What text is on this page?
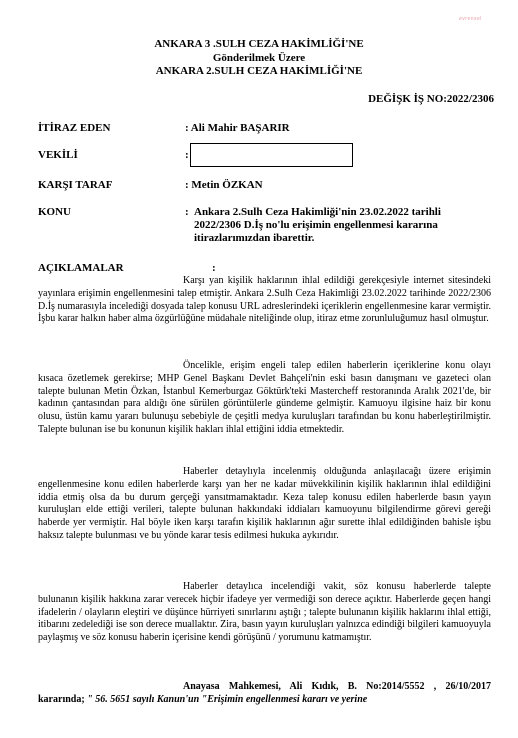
evrensel
ANKARA 3 .SULH CEZA HAKİMLİĞİ'NE
Gönderilmek Üzere
ANKARA 2.SULH CEZA HAKİMLİĞİ'NE
DEĞİŞK İŞ NO:2022/2306
İTİRAZ EDEN	: Ali Mahir BAŞARIR
VEKİLİ	:
KARŞI TARAF	: Metin ÖZKAN
KONU	: Ankara 2.Sulh Ceza Hakimliği'nin 23.02.2022 tarihli 2022/2306 D.İş no'lu erişimin engellenmesi kararına itirazlarımızdan ibarettir.
AÇIKLAMALAR	:

Karşı yan kişilik haklarının ihlal edildiği gerekçesiyle internet sitesindeki yayınlara erişimin engellenmesini talep etmiştir. Ankara 2.Sulh Ceza Hakimliği 23.02.2022 tarihinde 2022/2306 D.İş numarasıyla incelediği dosyada talep konusu URL adreslerindeki içeriklerin engellenmesine karar vermiştir. İşbu karar halkın haber alma özgürlüğüne müdahale niteliğinde olup, itiraz etme zorunluluğumuz hasıl olmuştur.

Öncelikle, erişim engeli talep edilen haberlerin içeriklerine konu olayı kısaca özetlemek gerekirse; MHP Genel Başkanı Devlet Bahçeli'nin eski basın danışmanı ve gazeteci olan talepte bulunan Metin Özkan, İstanbul Kemerburgaz Göktürk'teki Mastercheff restoranında Aralık 2021'de, bir kadının çantasından para aldığı öne sürülen görüntülerle gündeme gelmiştir. Kamuoyu ilgisine haiz bir konu olusu, üstün kamu yararı bulunuşu sebebiyle de çeşitli medya kuruluşları tarafından bu konu haberleştirilmiştir. Talepte bulunan ise bu konunun kişilik hakları ihlal ettiğini iddia etmektedir.

Haberler detaylıyla incelenmiş olduğunda anlaşılacağı üzere erişimin engellenmesine konu edilen haberlerde karşı yan her ne kadar müvekkilinin kişilik haklarının ihlal edildiğini iddia etmiş olsa da bu durum gerçeği yansıtmamaktadır. Keza talep konusu edilen haberlerde basın yayın kuruluşları elde ettiği verileri, talepte bulunan hakkındaki iddiaları kamuoyunu bilgilendirme görevi gereği haberde yer vermiştir. Hal böyle iken karşı tarafın kişilik haklarının ağır surette ihlal edildiğinden bahisle işbu haksız talepte bulunması ve bu yönde karar tesis edilmesi hukuka aykırıdır.

Haberler detaylıca incelendiği vakit, söz konusu haberlerde talepte bulunanın kişilik hakkına zarar verecek hiçbir ifadeye yer vermediği son derece açıktır. Haberlerde geçen hangi ifadelerin / olayların eleştiri ve düşünce hürriyeti sınırlarını aştığı ; talepte bulunanın kişilik haklarını ihlal ettiği, itibarını zedelediği ise son derece muallaktır. Zira, basın yayın kuruluşları yalnızca edindiği bilgileri kamuoyuyla paylaşmış ve söz konusu haberin içerisine kendi görüşünü / yorumunu katmamıştır.

Anayasa Mahkemesi, Ali Kıdık, B. No:2014/5552 , 26/10/2017 kararında; " 56. 5651 sayılı Kanun'un "Erişimin engellenmesi kararı ve yerine
